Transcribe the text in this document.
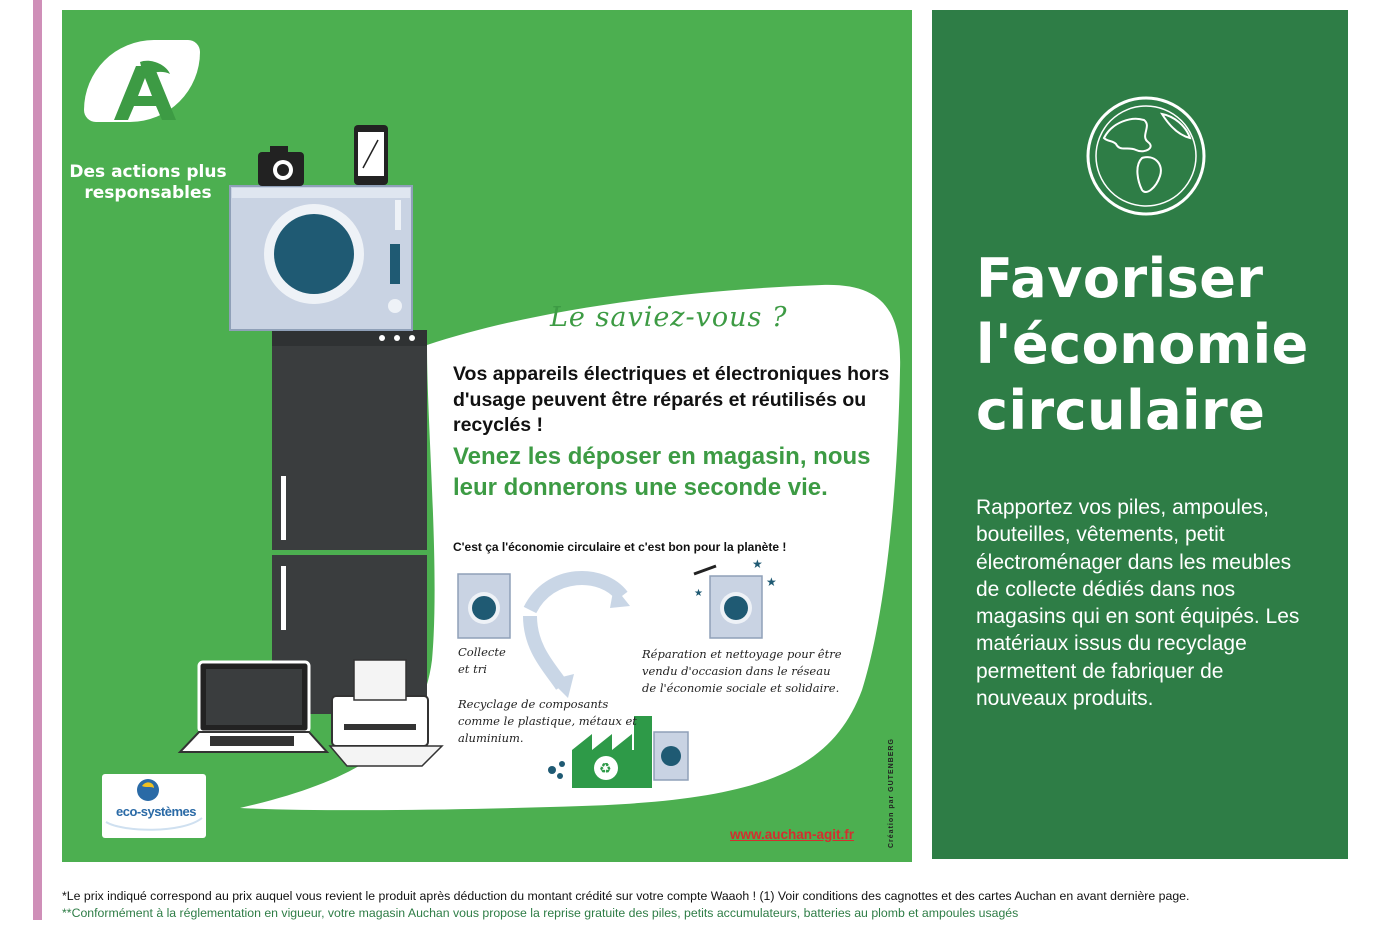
★
★
★
♻
Des actions plus
responsables
Le saviez-vous ?
Vos appareils électriques et électroniques hors d'usage peuvent être réparés et réutilisés ou recyclés !
Venez les déposer en magasin, nous leur donnerons une seconde vie.
C'est ça l'économie circulaire et c'est bon pour la planète !
Collecte
et tri
Réparation et nettoyage pour être
vendu d'occasion dans le réseau
de l'économie sociale et solidaire.
Recyclage de composants
comme le plastique, métaux et
aluminium.
eco-systèmes
www.auchan-agit.fr	Création par GUTENBERG
Favoriser
l'économie
circulaire
Rapportez vos piles, ampoules, bouteilles, vêtements, petit électroménager dans les meubles de collecte dédiés dans nos magasins qui en sont équipés. Les matériaux issus du recyclage permettent de fabriquer de nouveaux produits.
*Le prix indiqué correspond au prix auquel vous revient le produit après déduction du montant crédité sur votre compte Waaoh ! (1) Voir conditions des cagnottes et des cartes Auchan en avant dernière page.
**Conformément à la réglementation en vigueur, votre magasin Auchan vous propose la reprise gratuite des piles, petits accumulateurs, batteries au plomb et ampoules usagés
